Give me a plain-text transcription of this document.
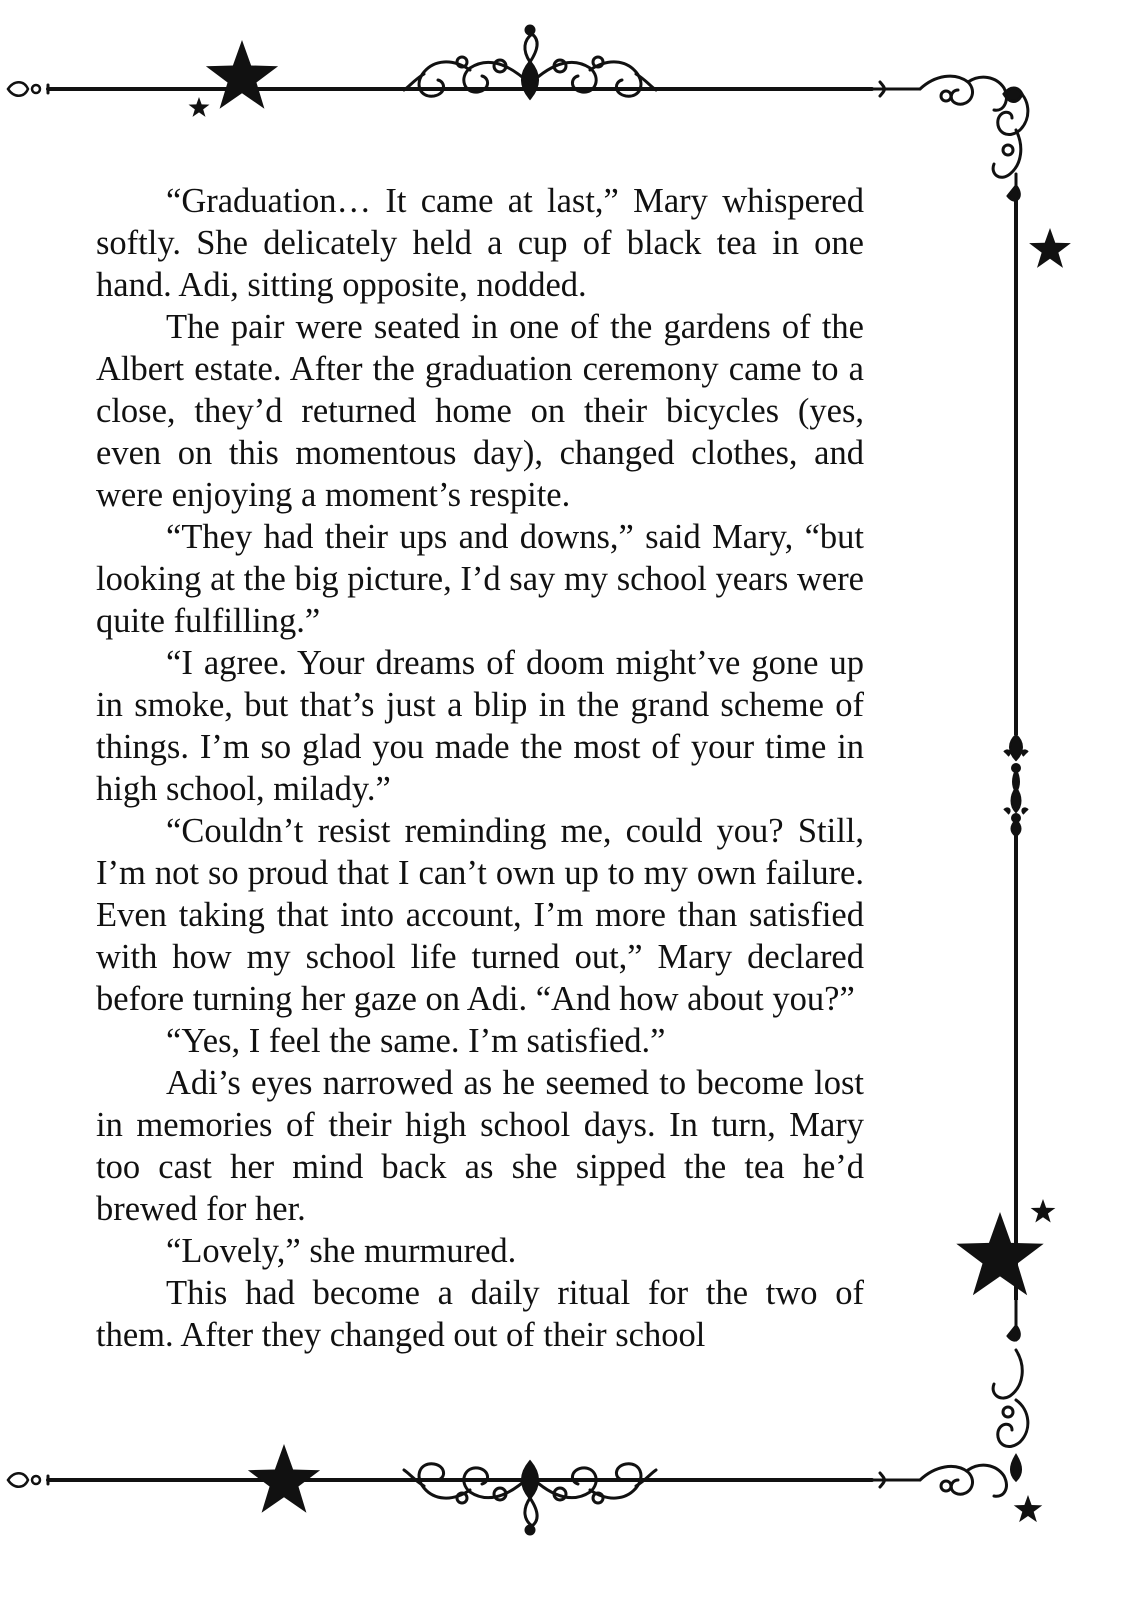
“Graduation… It came at last,” Mary whispered softly. She delicately held a cup of black tea in one hand. Adi, sitting opposite, nodded.

The pair were seated in one of the gardens of the Albert estate. After the graduation ceremony came to a close, they’d returned home on their bicycles (yes, even on this momentous day), changed clothes, and were enjoying a moment’s respite.

“They had their ups and downs,” said Mary, “but looking at the big picture, I’d say my school years were quite fulfilling.”

“I agree. Your dreams of doom might’ve gone up in smoke, but that’s just a blip in the grand scheme of things. I’m so glad you made the most of your time in high school, milady.”

“Couldn’t resist reminding me, could you? Still, I’m not so proud that I can’t own up to my own failure. Even taking that into account, I’m more than satisfied with how my school life turned out,” Mary declared before turning her gaze on Adi. “And how about you?”

“Yes, I feel the same. I’m satisfied.”

Adi’s eyes narrowed as he seemed to become lost in memories of their high school days. In turn, Mary too cast her mind back as she sipped the tea he’d brewed for her.

“Lovely,” she murmured.

This had become a daily ritual for the two of them. After they changed out of their school
